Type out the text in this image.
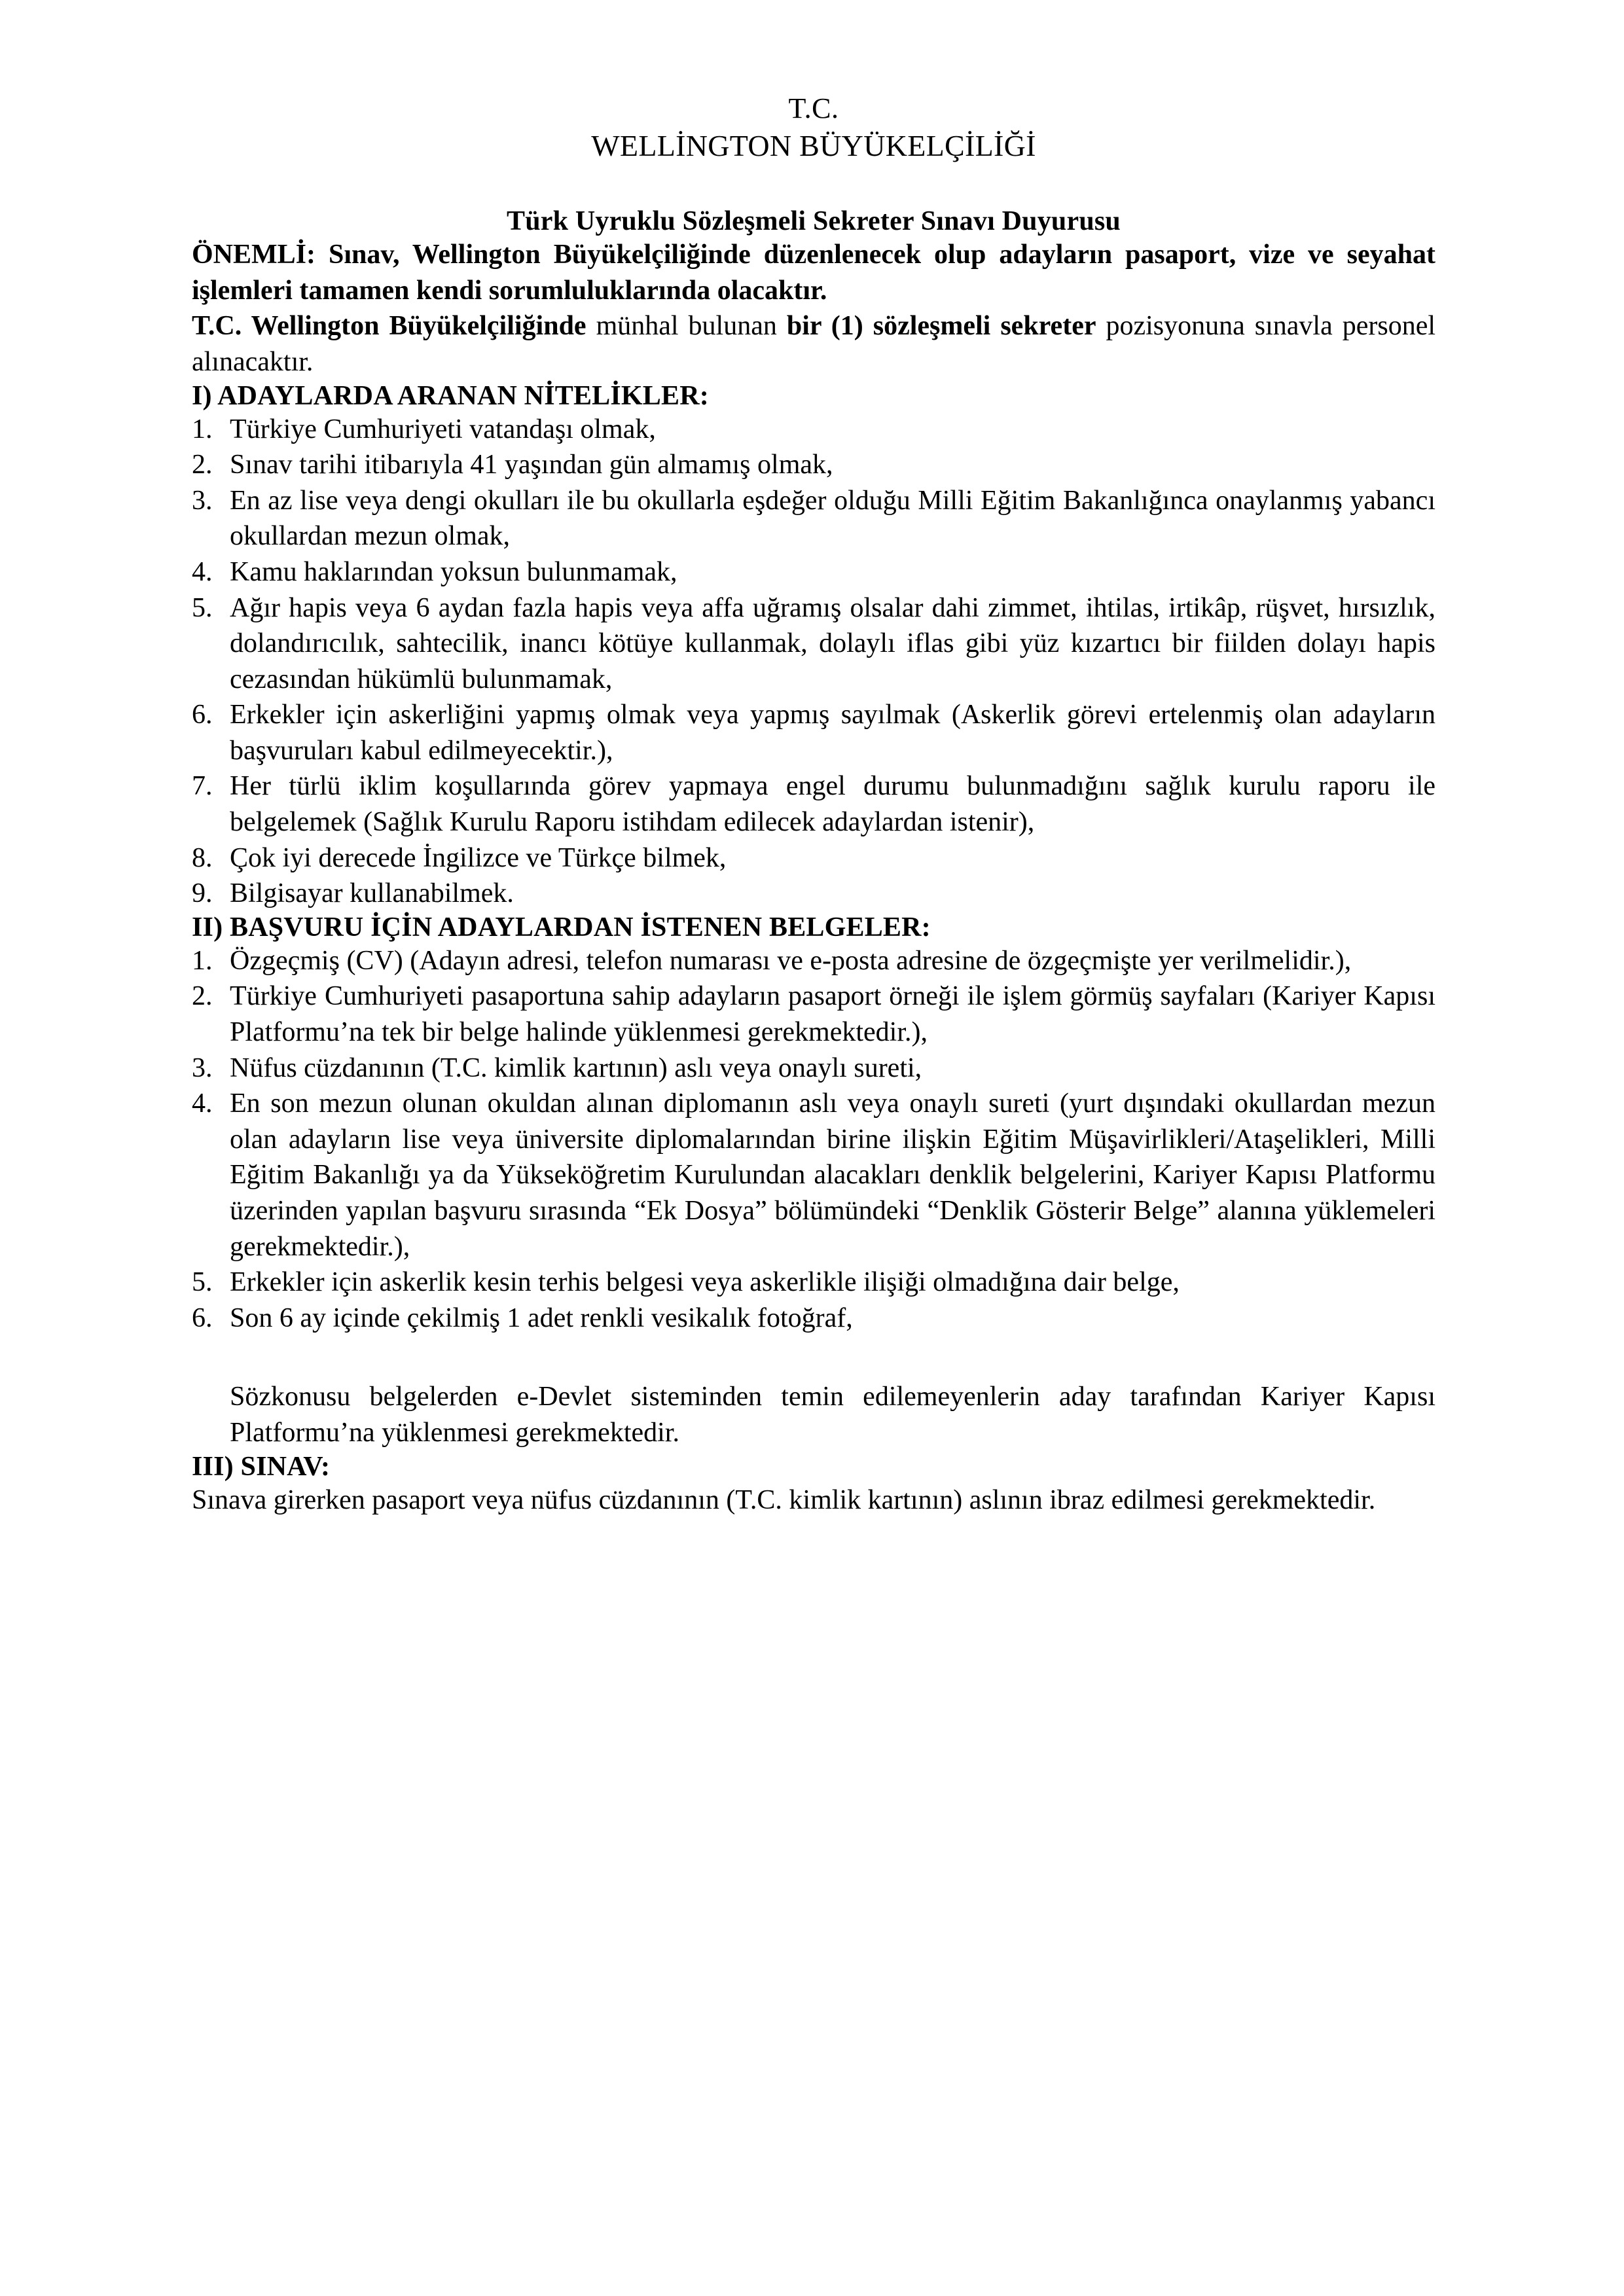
T.C.
WELLİNGTON BÜYÜKELÇİLİĞİ
Türk Uyruklu Sözleşmeli Sekreter Sınavı Duyurusu

ÖNEMLİ: Sınav, Wellington Büyükelçiliğinde düzenlenecek olup adayların pasaport, vize ve seyahat işlemleri tamamen kendi sorumluluklarında olacaktır.

T.C. Wellington Büyükelçiliğinde münhal bulunan bir (1) sözleşmeli sekreter pozisyonuna sınavla personel alınacaktır.

I) ADAYLARDA ARANAN NİTELİKLER:
1. Türkiye Cumhuriyeti vatandaşı olmak,
2. Sınav tarihi itibarıyla 41 yaşından gün almamış olmak,
3. En az lise veya dengi okulları ile bu okullarla eşdeğer olduğu Milli Eğitim Bakanlığınca onaylanmış yabancı okullardan mezun olmak,
4. Kamu haklarından yoksun bulunmamak,
5. Ağır hapis veya 6 aydan fazla hapis veya affa uğramış olsalar dahi zimmet, ihtilas, irtikâp, rüşvet, hırsızlık, dolandırıcılık, sahtecilik, inancı kötüye kullanmak, dolaylı iflas gibi yüz kızartıcı bir fiilden dolayı hapis cezasından hükümlü bulunmamak,
6. Erkekler için askerliğini yapmış olmak veya yapmış sayılmak (Askerlik görevi ertelenmiş olan adayların başvuruları kabul edilmeyecektir.),
7. Her türlü iklim koşullarında görev yapmaya engel durumu bulunmadığını sağlık kurulu raporu ile belgelemek (Sağlık Kurulu Raporu istihdam edilecek adaylardan istenir),
8. Çok iyi derecede İngilizce ve Türkçe bilmek,
9. Bilgisayar kullanabilmek.
II) BAŞVURU İÇİN ADAYLARDAN İSTENEN BELGELER:
1. Özgeçmiş (CV) (Adayın adresi, telefon numarası ve e-posta adresine de özgeçmişte yer verilmelidir.),
2. Türkiye Cumhuriyeti pasaportuna sahip adayların pasaport örneği ile işlem görmüş sayfaları (Kariyer Kapısı Platformu’na tek bir belge halinde yüklenmesi gerekmektedir.),
3. Nüfus cüzdanının (T.C. kimlik kartının) aslı veya onaylı sureti,
4. En son mezun olunan okuldan alınan diplomanın aslı veya onaylı sureti (yurt dışındaki okullardan mezun olan adayların lise veya üniversite diplomalarından birine ilişkin Eğitim Müşavirlikleri/Ataşelikleri, Milli Eğitim Bakanlığı ya da Yükseköğretim Kurulundan alacakları denklik belgelerini, Kariyer Kapısı Platformu üzerinden yapılan başvuru sırasında “Ek Dosya” bölümündeki “Denklik Gösterir Belge” alanına yüklemeleri gerekmektedir.),
5. Erkekler için askerlik kesin terhis belgesi veya askerlikle ilişiği olmadığına dair belge,
6. Son 6 ay içinde çekilmiş 1 adet renkli vesikalık fotoğraf,

Sözkonusu belgelerden e-Devlet sisteminden temin edilemeyenlerin aday tarafından Kariyer Kapısı Platformu’na yüklenmesi gerekmektedir.

III) SINAV:

Sınava girerken pasaport veya nüfus cüzdanının (T.C. kimlik kartının) aslının ibraz edilmesi gerekmektedir.
